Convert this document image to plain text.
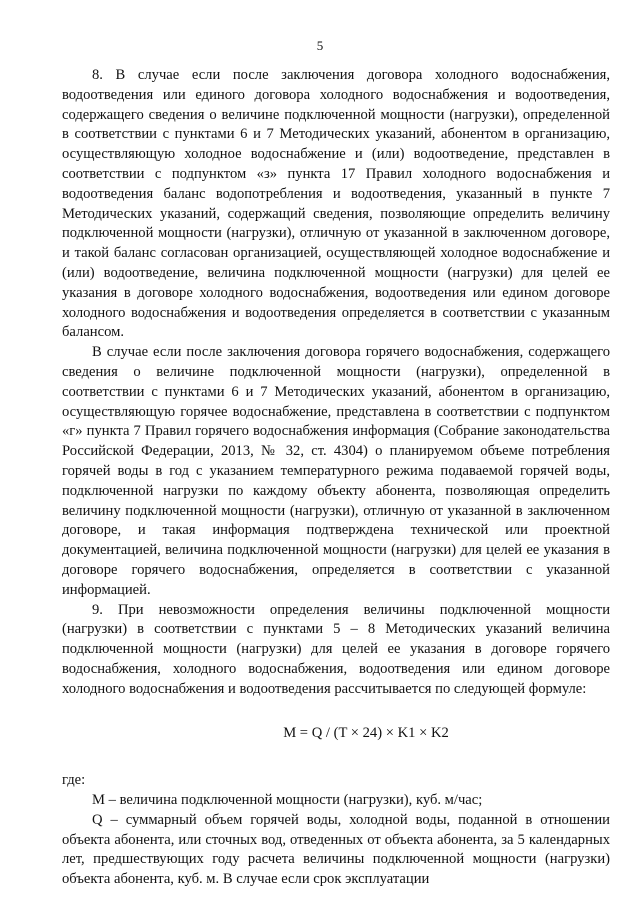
5

8. В случае если после заключения договора холодного водоснабжения, водоотведения или единого договора холодного водоснабжения и водоотведения, содержащего сведения о величине подключенной мощности (нагрузки), определенной в соответствии с пунктами 6 и 7 Методических указаний, абонентом в организацию, осуществляющую холодное водоснабжение и (или) водоотведение, представлен в соответствии с подпунктом «з» пункта 17 Правил холодного водоснабжения и водоотведения баланс водопотребления и водоотведения, указанный в пункте 7 Методических указаний, содержащий сведения, позволяющие определить величину подключенной мощности (нагрузки), отличную от указанной в заключенном договоре, и такой баланс согласован организацией, осуществляющей холодное водоснабжение и (или) водоотведение, величина подключенной мощности (нагрузки) для целей ее указания в договоре холодного водоснабжения, водоотведения или едином договоре холодного водоснабжения и водоотведения определяется в соответствии с указанным балансом.

В случае если после заключения договора горячего водоснабжения, содержащего сведения о величине подключенной мощности (нагрузки), определенной в соответствии с пунктами 6 и 7 Методических указаний, абонентом в организацию, осуществляющую горячее водоснабжение, представлена в соответствии с подпунктом «г» пункта 7 Правил горячего водоснабжения информация (Собрание законодательства Российской Федерации, 2013, № 32, ст. 4304) о планируемом объеме потребления горячей воды в год с указанием температурного режима подаваемой горячей воды, подключенной нагрузки по каждому объекту абонента, позволяющая определить величину подключенной мощности (нагрузки), отличную от указанной в заключенном договоре, и такая информация подтверждена технической или проектной документацией, величина подключенной мощности (нагрузки) для целей ее указания в договоре горячего водоснабжения, определяется в соответствии с указанной информацией.

9. При невозможности определения величины подключенной мощности (нагрузки) в соответствии с пунктами 5 – 8 Методических указаний величина подключенной мощности (нагрузки) для целей ее указания в договоре горячего водоснабжения, холодного водоснабжения, водоотведения или едином договоре холодного водоснабжения и водоотведения рассчитывается по следующей формуле:

M = Q / (T × 24) × K1 × K2

где:

M – величина подключенной мощности (нагрузки), куб. м/час;

Q – суммарный объем горячей воды, холодной воды, поданной в отношении объекта абонента, или сточных вод, отведенных от объекта абонента, за 5 календарных лет, предшествующих году расчета величины подключенной мощности (нагрузки) объекта абонента, куб. м. В случае если срок эксплуатации
